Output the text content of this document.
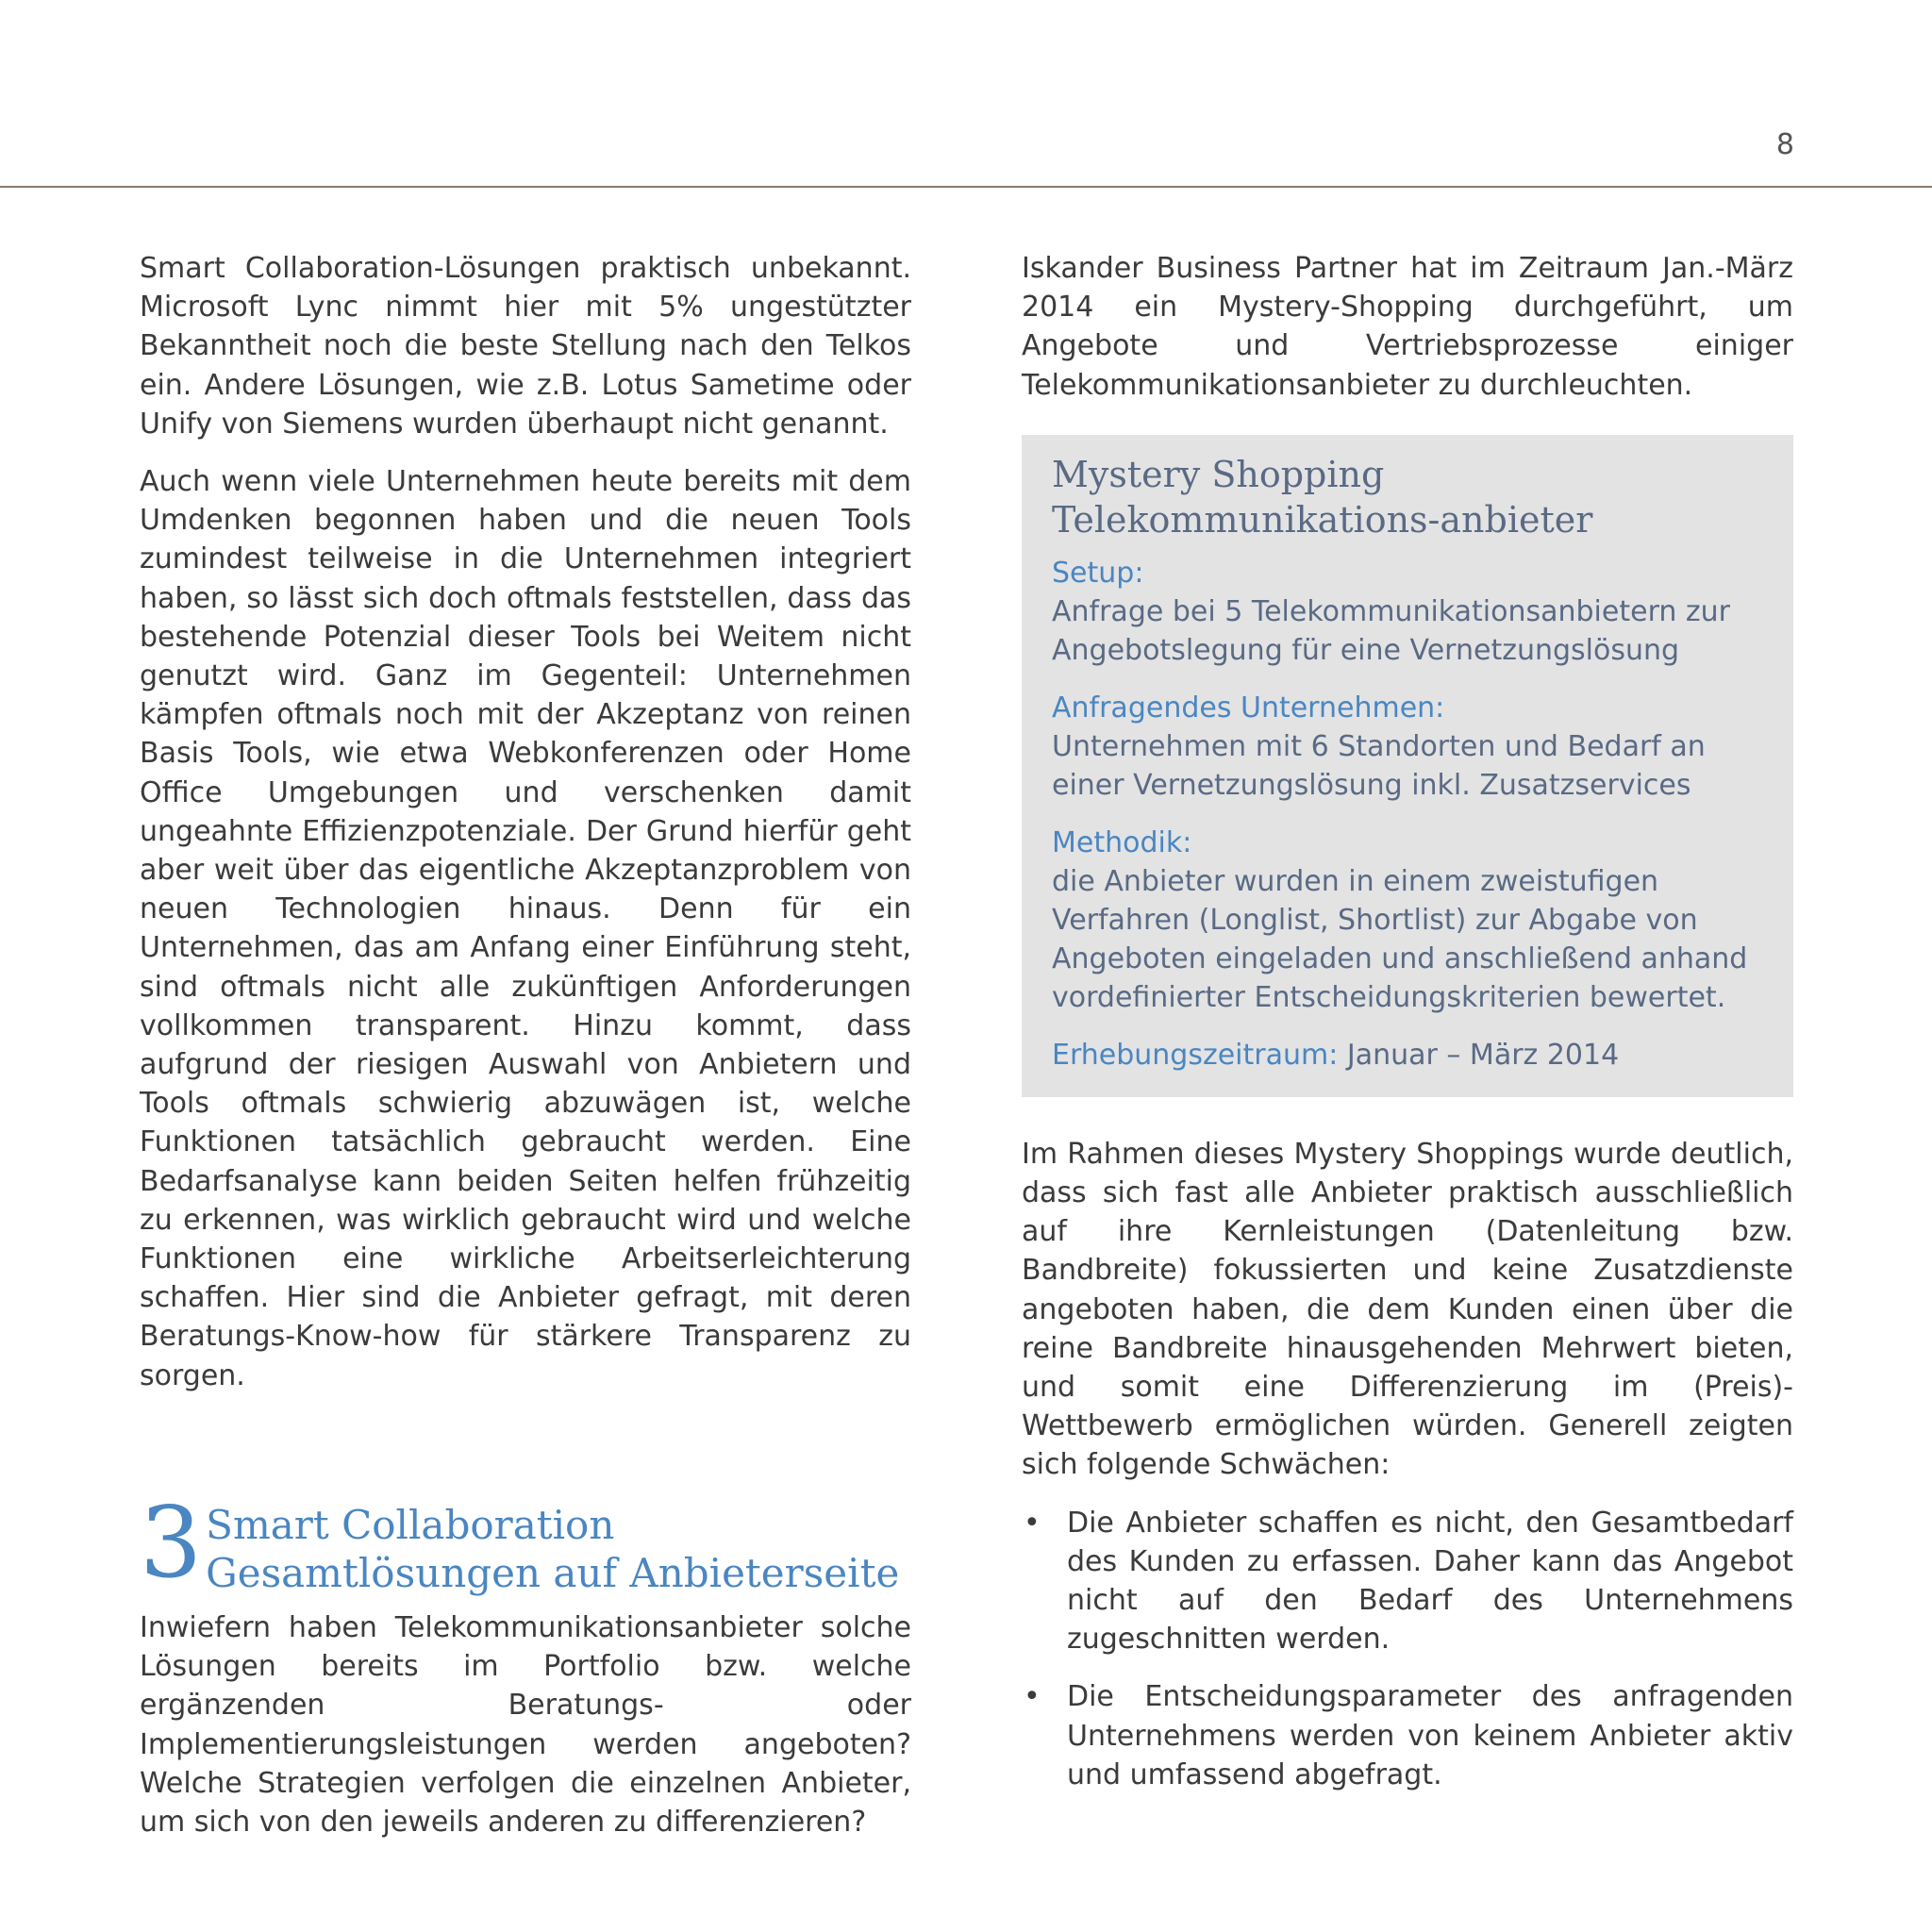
8

Smart Collaboration-Lösungen praktisch unbekannt. Microsoft Lync nimmt hier mit 5% ungestützter Bekanntheit noch die beste Stellung nach den Telkos ein. Andere Lösungen, wie z.B. Lotus Sametime oder Unify von Siemens wurden überhaupt nicht genannt.

Auch wenn viele Unternehmen heute bereits mit dem Umdenken begonnen haben und die neuen Tools zumindest teilweise in die Unternehmen integriert haben, so lässt sich doch oftmals feststellen, dass das bestehende Potenzial dieser Tools bei Weitem nicht genutzt wird. Ganz im Gegenteil: Unternehmen kämpfen oftmals noch mit der Akzeptanz von reinen Basis Tools, wie etwa Webkonferenzen oder Home Office Umgebungen und verschenken damit ungeahnte Effizienzpotenziale. Der Grund hierfür geht aber weit über das eigentliche Akzeptanzproblem von neuen Technologien hinaus. Denn für ein Unternehmen, das am Anfang einer Einführung steht, sind oftmals nicht alle zukünftigen Anforderungen vollkommen transparent. Hinzu kommt, dass aufgrund der riesigen Auswahl von Anbietern und Tools oftmals schwierig abzuwägen ist, welche Funktionen tatsächlich gebraucht werden. Eine Bedarfsanalyse kann beiden Seiten helfen frühzeitig zu erkennen, was wirklich gebraucht wird und welche Funktionen eine wirkliche Arbeitserleichterung schaffen. Hier sind die Anbieter gefragt, mit deren Beratungs-Know-how für stärkere Transparenz zu sorgen.

3 Smart Collaboration Gesamtlösungen auf Anbieterseite

Inwiefern haben Telekommunikationsanbieter solche Lösungen bereits im Portfolio bzw. welche ergänzenden Beratungs- oder Implementierungsleistungen werden angeboten? Welche Strategien verfolgen die einzelnen Anbieter, um sich von den jeweils anderen zu differenzieren?

Iskander Business Partner hat im Zeitraum Jan.-März 2014 ein Mystery-Shopping durchgeführt, um Angebote und Vertriebsprozesse einiger Telekommunikationsanbieter zu durchleuchten.

Mystery Shopping Telekommunikations-anbieter
Setup:
Anfrage bei 5 Telekommunikationsanbietern zur Angebotslegung für eine Vernetzungslösung
Anfragendes Unternehmen:
Unternehmen mit 6 Standorten und Bedarf an einer Vernetzungslösung inkl. Zusatzservices
Methodik:
die Anbieter wurden in einem zweistufigen Verfahren (Longlist, Shortlist) zur Abgabe von Angeboten eingeladen und anschließend anhand vordefinierter Entscheidungskriterien bewertet.
Erhebungszeitraum: Januar – März 2014

Im Rahmen dieses Mystery Shoppings wurde deutlich, dass sich fast alle Anbieter praktisch ausschließlich auf ihre Kernleistungen (Datenleitung bzw. Bandbreite) fokussierten und keine Zusatzdienste angeboten haben, die dem Kunden einen über die reine Bandbreite hinausgehenden Mehrwert bieten, und somit eine Differenzierung im (Preis)- Wettbewerb ermöglichen würden. Generell zeigten sich folgende Schwächen:

• Die Anbieter schaffen es nicht, den Gesamtbedarf des Kunden zu erfassen. Daher kann das Angebot nicht auf den Bedarf des Unternehmens zugeschnitten werden.
• Die Entscheidungsparameter des anfragenden Unternehmens werden von keinem Anbieter aktiv und umfassend abgefragt.
